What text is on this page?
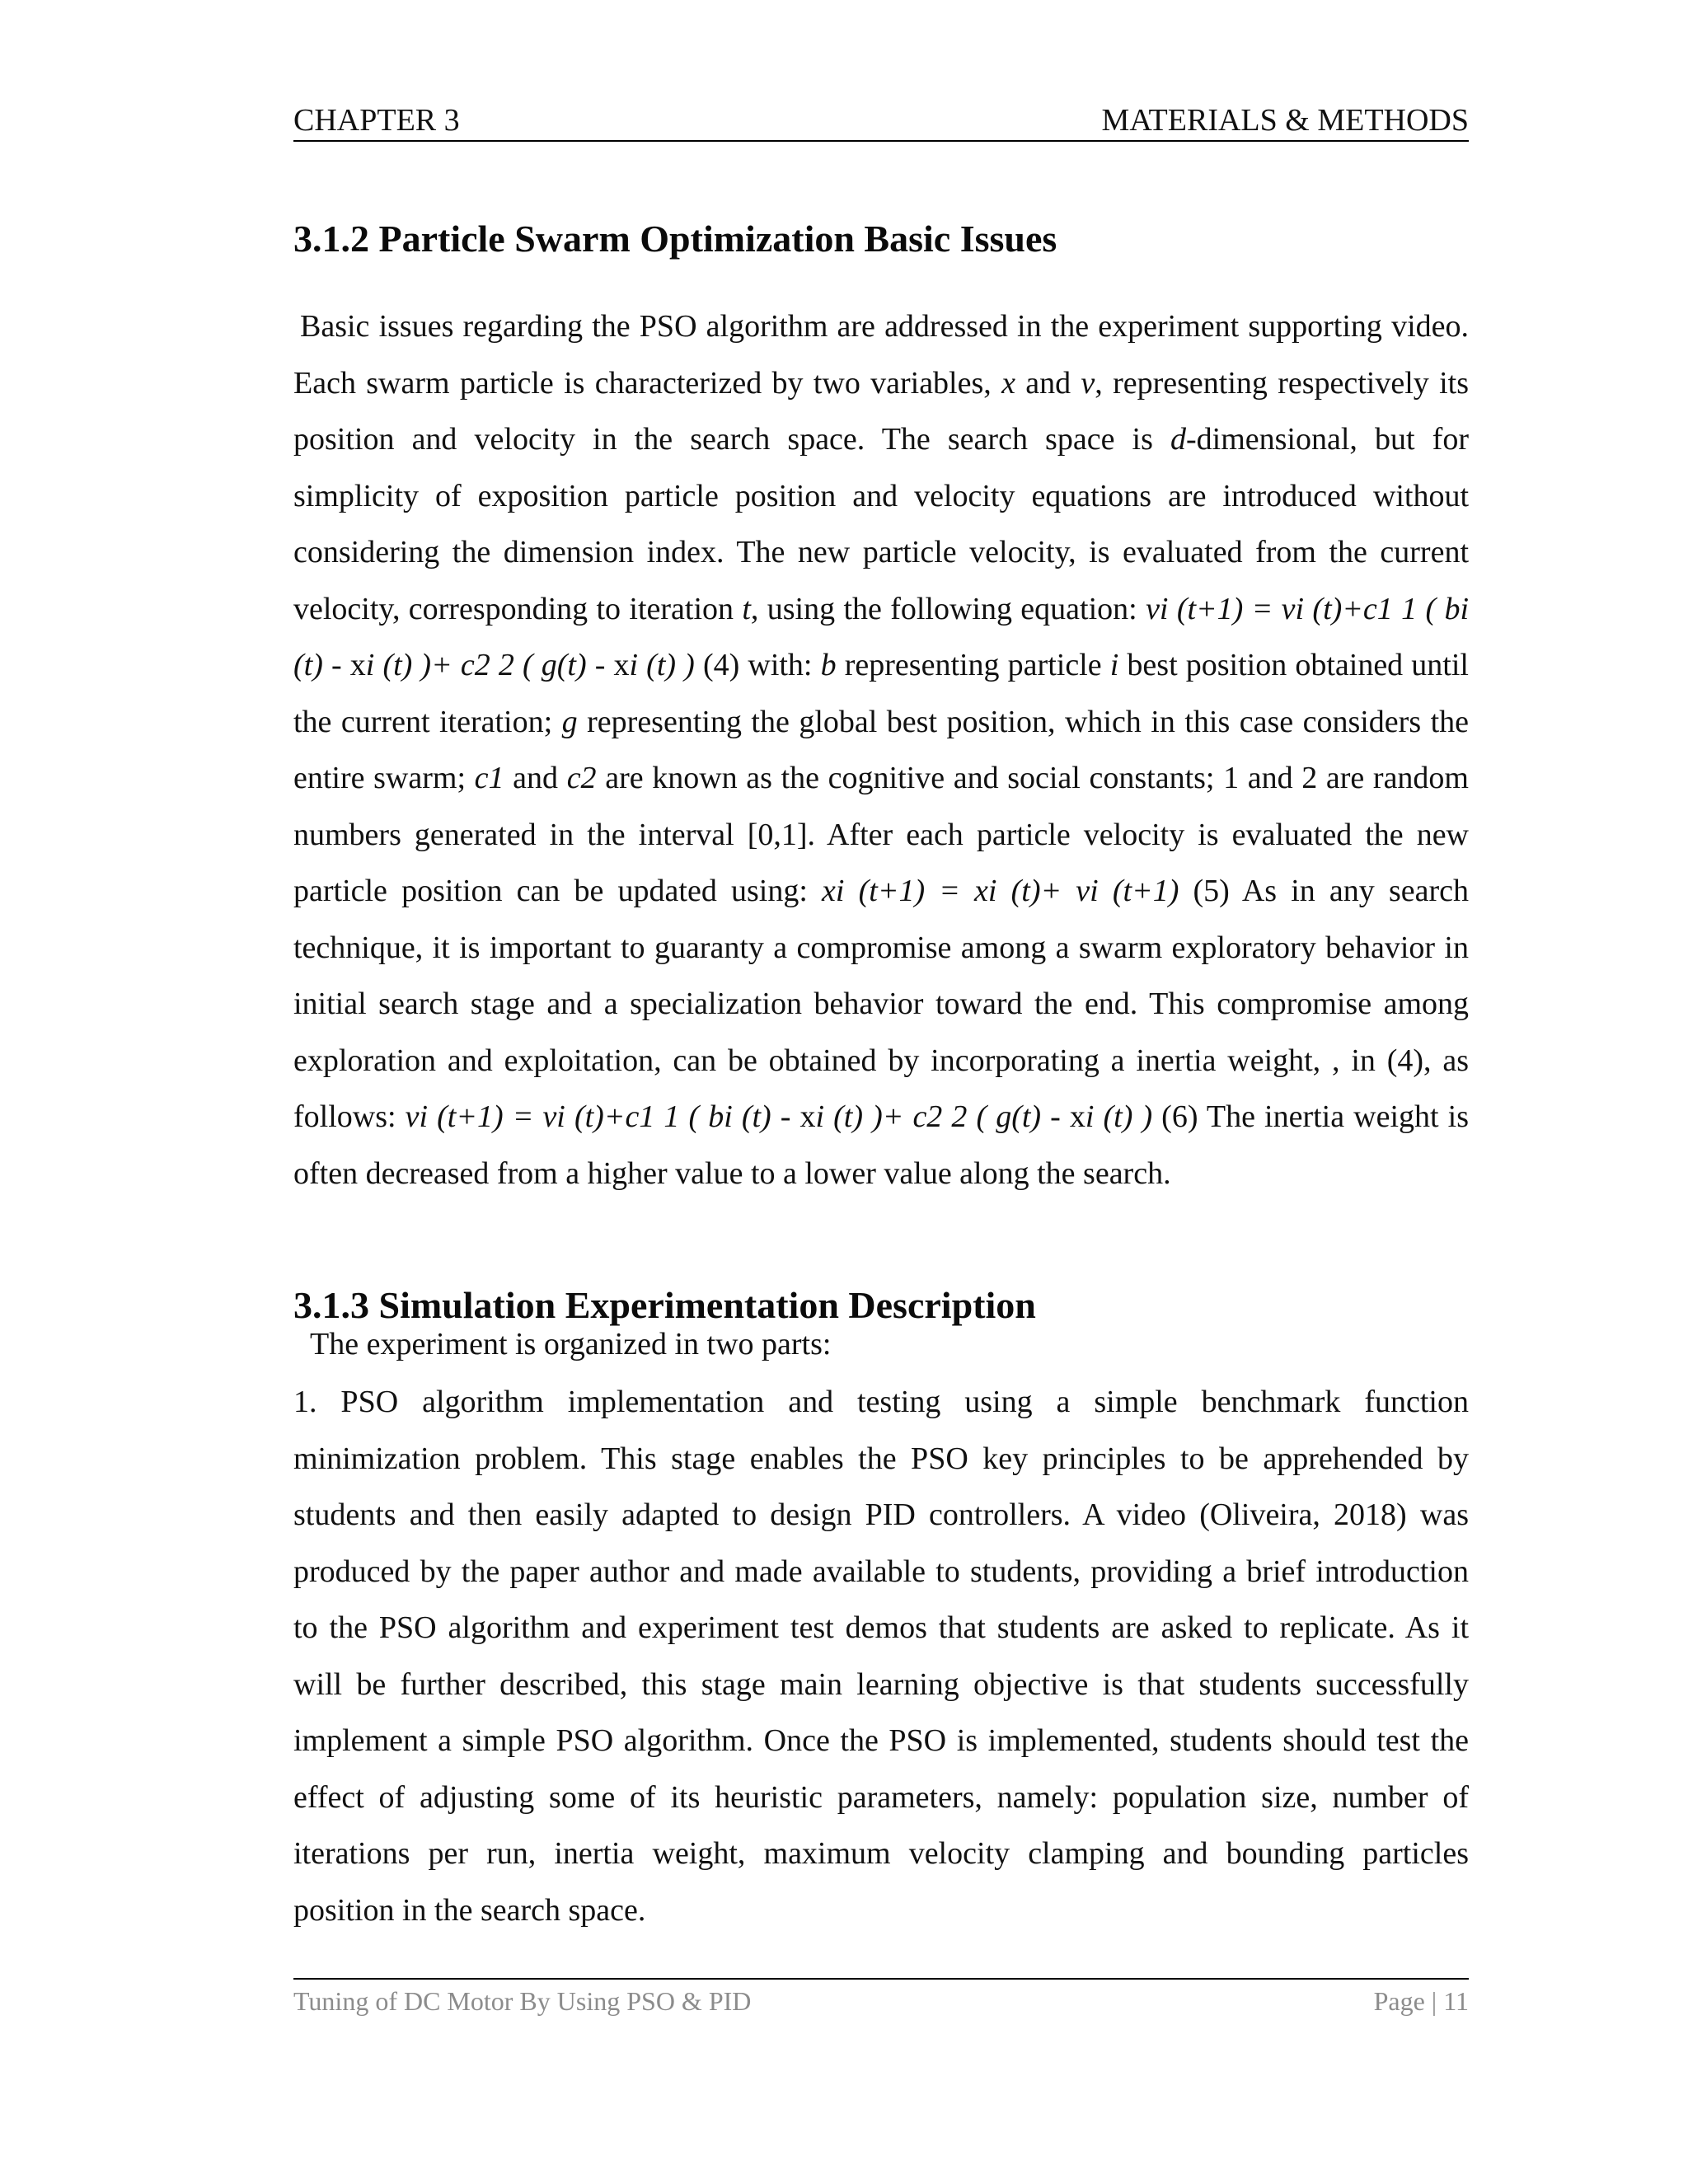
CHAPTER 3	MATERIALS & METHODS
3.1.2 Particle Swarm Optimization Basic Issues

Basic issues regarding the PSO algorithm are addressed in the experiment supporting video. Each swarm particle is characterized by two variables, x and v, representing respectively its position and velocity in the search space. The search space is d-dimensional, but for simplicity of exposition particle position and velocity equations are introduced without considering the dimension index. The new particle velocity, is evaluated from the current velocity, corresponding to iteration t, using the following equation: vi (t+1) = vi (t)+c1 1 ( bi (t) - xi (t) )+ c2 2 ( g(t) - xi (t) ) (4) with: b representing particle i best position obtained until the current iteration; g representing the global best position, which in this case considers the entire swarm; c1 and c2 are known as the cognitive and social constants; 1 and 2 are random numbers generated in the interval [0,1]. After each particle velocity is evaluated the new particle position can be updated using: xi (t+1) = xi (t)+ vi (t+1) (5) As in any search technique, it is important to guaranty a compromise among a swarm exploratory behavior in initial search stage and a specialization behavior toward the end. This compromise among exploration and exploitation, can be obtained by incorporating a inertia weight, , in (4), as follows: vi (t+1) = vi (t)+c1 1 ( bi (t) - xi (t) )+ c2 2 ( g(t) - xi (t) ) (6) The inertia weight is often decreased from a higher value to a lower value along the search.

3.1.3 Simulation Experimentation Description

The experiment is organized in two parts:

1. PSO algorithm implementation and testing using a simple benchmark function minimization problem. This stage enables the PSO key principles to be apprehended by students and then easily adapted to design PID controllers. A video (Oliveira, 2018) was produced by the paper author and made available to students, providing a brief introduction to the PSO algorithm and experiment test demos that students are asked to replicate. As it will be further described, this stage main learning objective is that students successfully implement a simple PSO algorithm. Once the PSO is implemented, students should test the effect of adjusting some of its heuristic parameters, namely: population size, number of iterations per run, inertia weight, maximum velocity clamping and bounding particles position in the search space.

Tuning of DC Motor By Using PSO & PID	Page | 11
